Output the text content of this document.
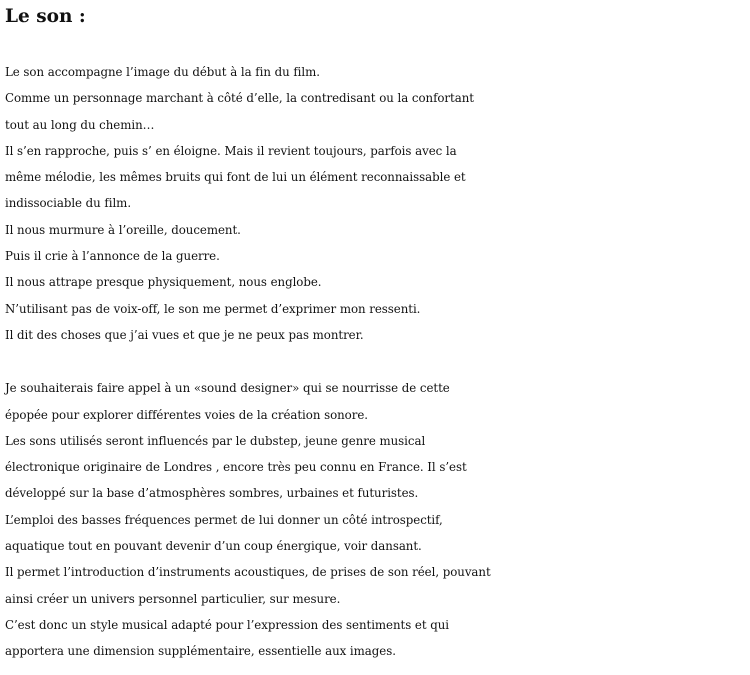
Le son :
Le son accompagne l’image du début à la fin du film.
Comme un personnage marchant à côté d’elle, la contredisant ou la confortant
tout au long du chemin…
Il s’en rapproche, puis s’ en éloigne. Mais il revient toujours, parfois avec la
même mélodie, les mêmes bruits qui font de lui un élément reconnaissable et
indissociable du film.
Il nous murmure à l’oreille, doucement.
Puis il crie à l’annonce de la guerre.
Il nous attrape presque physiquement, nous englobe.
N’utilisant pas de voix-off, le son me permet d’exprimer mon ressenti.
Il dit des choses que j’ai vues et que je ne peux pas montrer.
Je souhaiterais faire appel à un «sound designer» qui se nourrisse de cette
épopée pour explorer différentes voies de la création sonore.
Les sons utilisés seront influencés par le dubstep, jeune genre musical
électronique originaire de Londres , encore très peu connu en France. Il s’est
développé sur la base d’atmosphères sombres, urbaines et futuristes.
L’emploi des basses fréquences permet de lui donner un côté introspectif,
aquatique tout en pouvant devenir d’un coup énergique, voir dansant.
Il permet l’introduction d’instruments acoustiques, de prises de son réel, pouvant
ainsi créer un univers personnel particulier, sur mesure.
C’est donc un style musical adapté pour l’expression des sentiments et qui
apportera une dimension supplémentaire, essentielle aux images.
